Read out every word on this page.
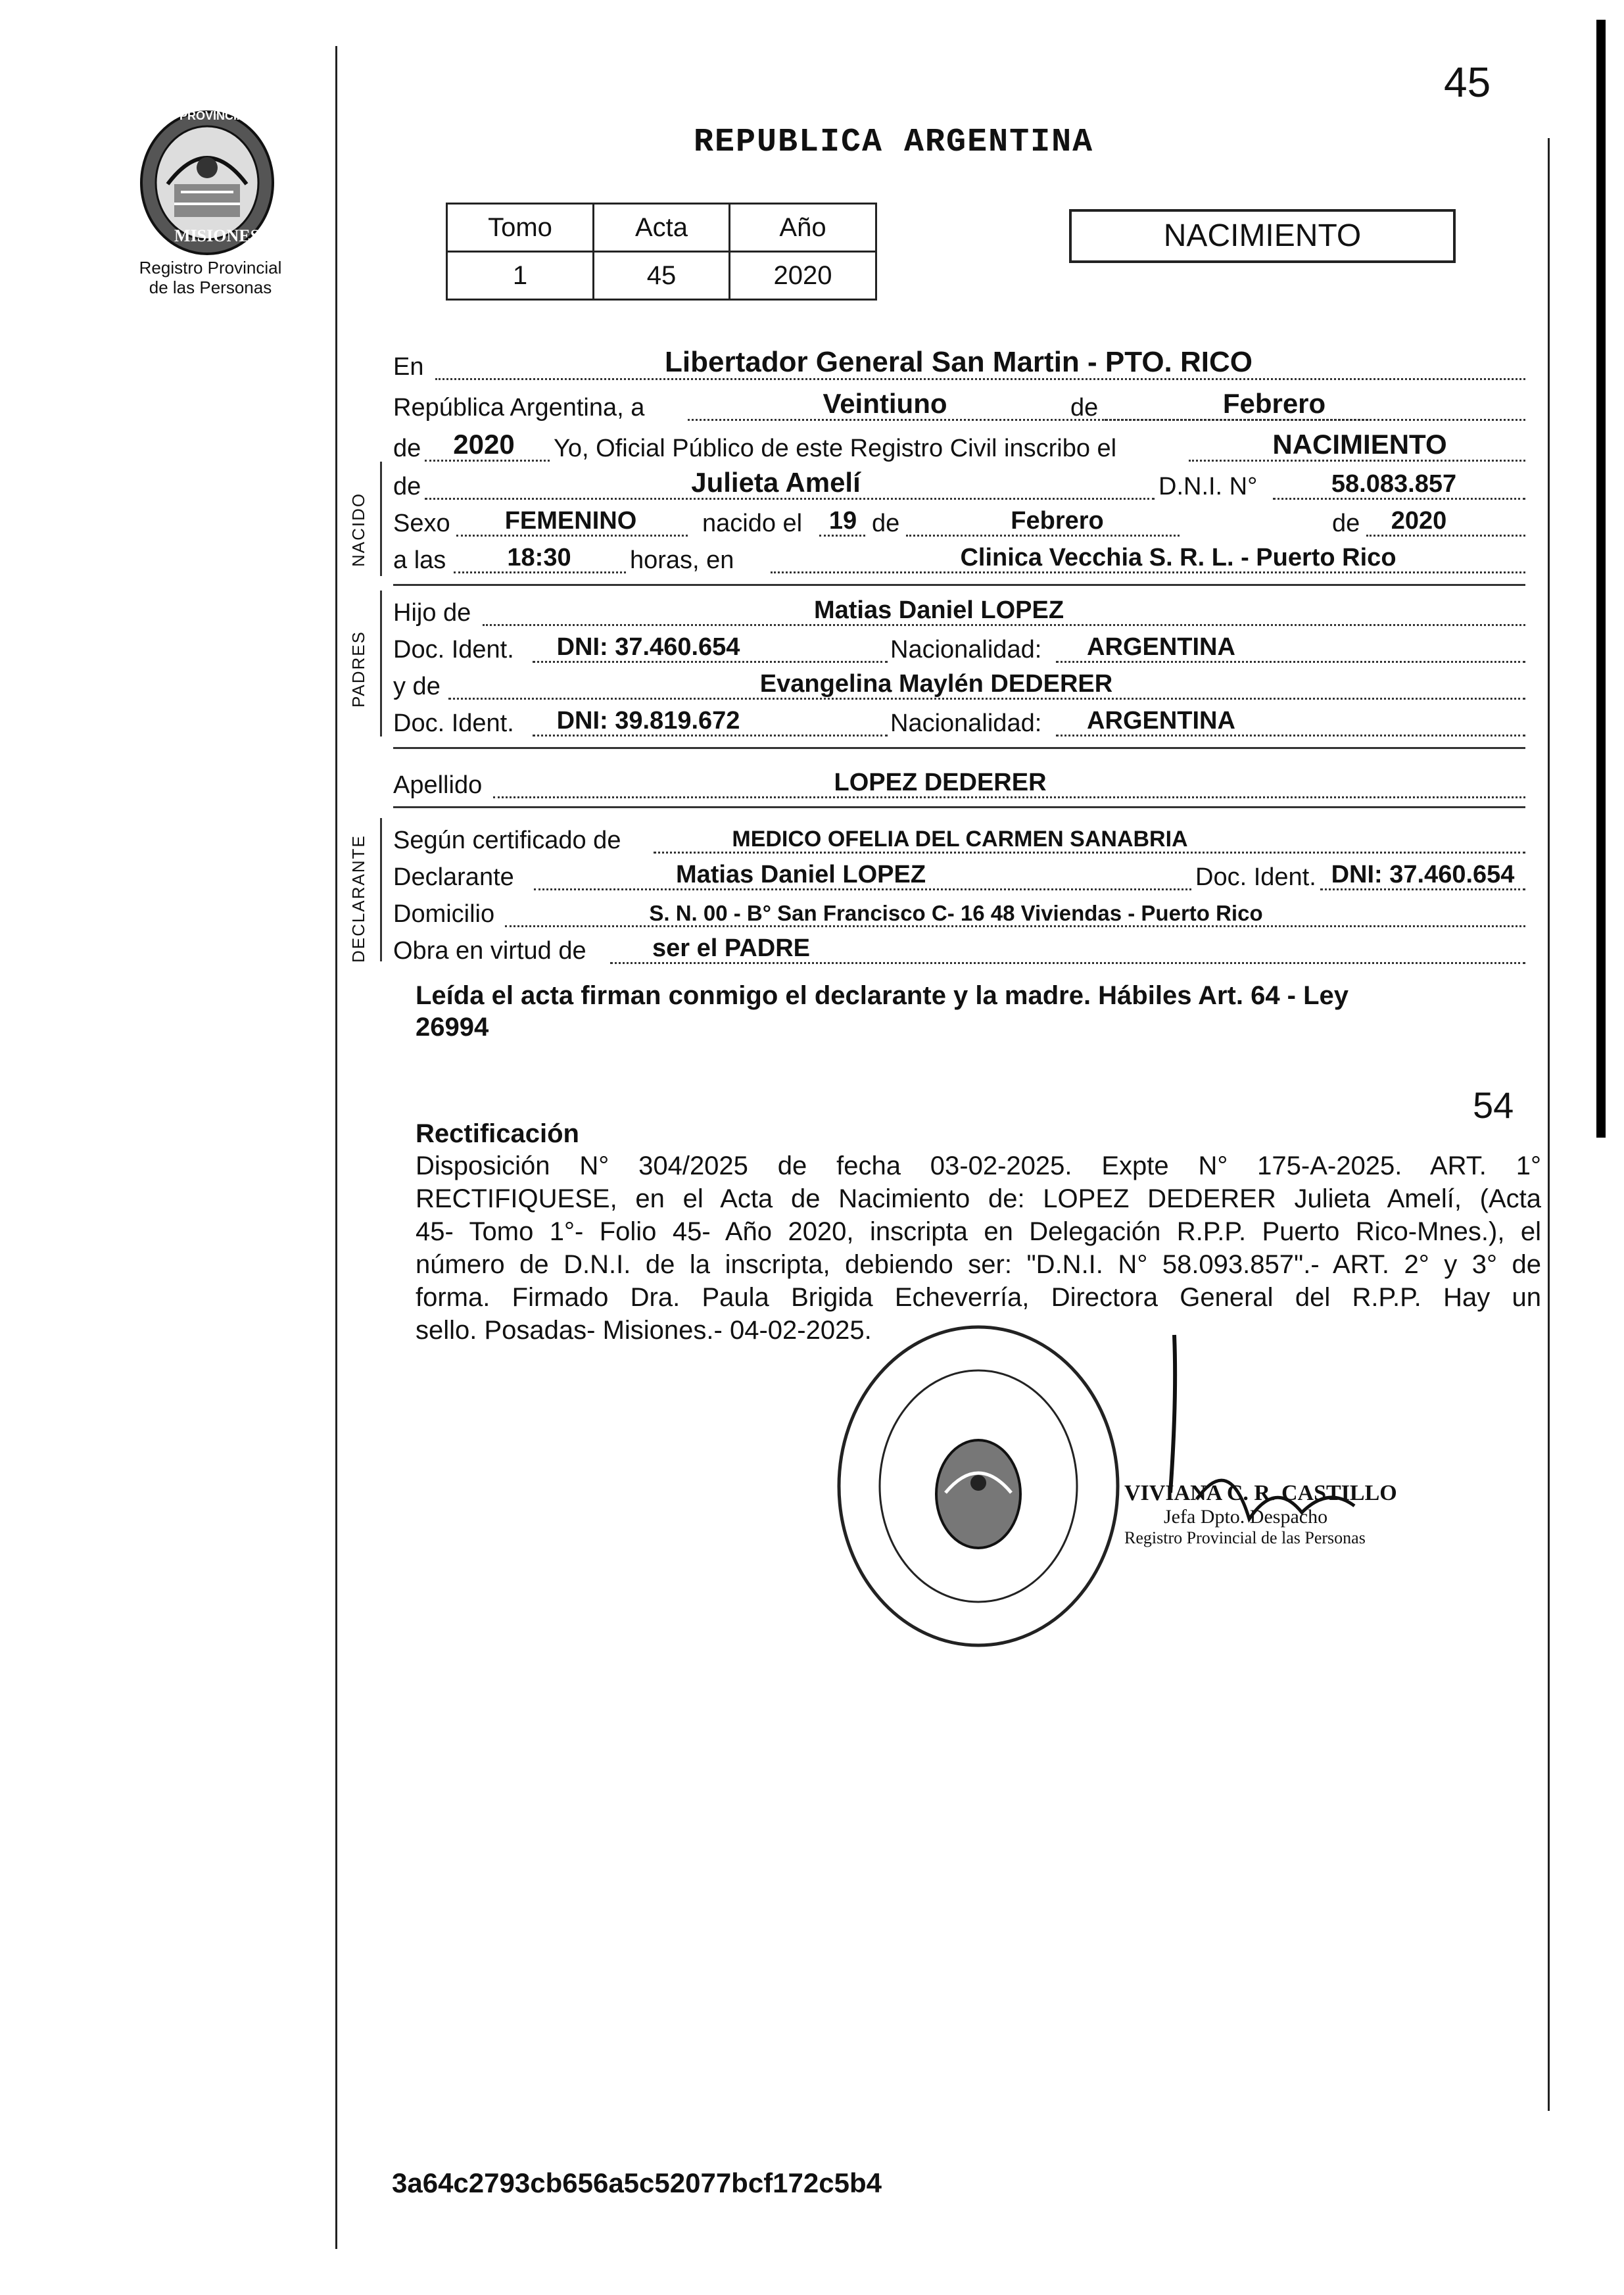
45
PROVINCIA DE
MISIONES
Registro Provincial
de las Personas
REPUBLICA ARGENTINA
Tomo	Acta	Año
1	45	2020
NACIMIENTO
En	Libertador General San Martin - PTO. RICO
República Argentina, a	Veintiuno	de	Febrero
de 2020 Yo, Oficial Público de este Registro Civil inscribo el	NACIMIENTO
NACIDO
de	Julieta Amelí	D.N.I. N°	58.083.857
Sexo FEMENINO	nacido el 19 de	Febrero	de 2020
a las 18:30 horas, en	Clinica Vecchia S. R. L. - Puerto Rico
PADRES
Hijo de	Matias Daniel LOPEZ
Doc. Ident. DNI: 37.460.654	Nacionalidad: ARGENTINA
y de	Evangelina Maylén DEDERER
Doc. Ident. DNI: 39.819.672	Nacionalidad: ARGENTINA
Apellido	LOPEZ DEDERER
DECLARANTE Según certificado de	MEDICO OFELIA DEL CARMEN SANABRIA
Declarante	Matias Daniel LOPEZ	Doc. Ident. DNI: 37.460.654
Domicilio	S. N. 00 - B° San Francisco C- 16 48 Viviendas - Puerto Rico
Obra en virtud de	ser el PADRE
Leída el acta firman conmigo el declarante y la madre. Hábiles Art. 64 - Ley
26994
54
Rectificación
Disposición N° 304/2025 de fecha 03-02-2025. Expte N° 175-A-2025. ART. 1°
RECTIFIQUESE, en el Acta de Nacimiento de: LOPEZ DEDERER Julieta Amelí, (Acta
45- Tomo 1°- Folio 45- Año 2020, inscripta en Delegación R.P.P. Puerto Rico-Mnes.), el
número de D.N.I. de la inscripta, debiendo ser: "D.N.I. N° 58.093.857".- ART. 2° y 3° de
forma. Firmado Dra. Paula Brigida Echeverría, Directora General del R.P.P. Hay un
sello. Posadas- Misiones.- 04-02-2025.
VIVIANA C. R. CASTILLO
Jefa Dpto. Despacho
Registro Provincial de las Personas
3a64c2793cb656a5c52077bcf172c5b4
